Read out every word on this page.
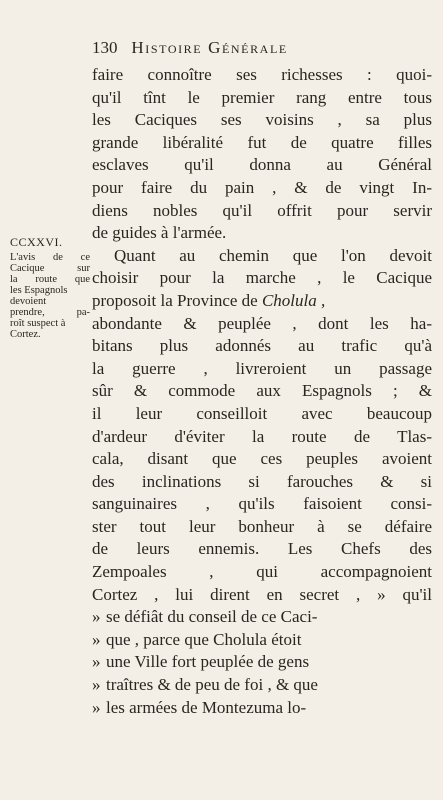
130 Histoire Générale
CCXXVI.
L'avis de ce
Cacique sur
la route que
les Espagnols
devoient
prendre, pa-
roît suspect à
Cortez.
faire connoître ses richesses : quoi-
qu'il tînt le premier rang entre tous
les Caciques ses voisins , sa plus
grande libéralité fut de quatre filles
esclaves qu'il donna au Général
pour faire du pain , & de vingt In-
diens nobles qu'il offrit pour servir
de guides à l'armée.
Quant au chemin que l'on devoit
choisir pour la marche , le Cacique
proposoit la Province de Cholula ,
abondante & peuplée , dont les ha-
bitans plus adonnés au trafic qu'à
la guerre , livreroient un passage
sûr & commode aux Espagnols ; &
il leur conseilloit avec beaucoup
d'ardeur d'éviter la route de Tlas-
cala, disant que ces peuples avoient
des inclinations si farouches & si
sanguinaires , qu'ils faisoient consi-
ster tout leur bonheur à se défaire
de leurs ennemis. Les Chefs des
Zempoales , qui accompagnoient
Cortez , lui dirent en secret , » qu'il
» se défiât du conseil de ce Caci-
» que , parce que Cholula étoit
» une Ville fort peuplée de gens
» traîtres & de peu de foi , & que
» les armées de Montezuma lo-
